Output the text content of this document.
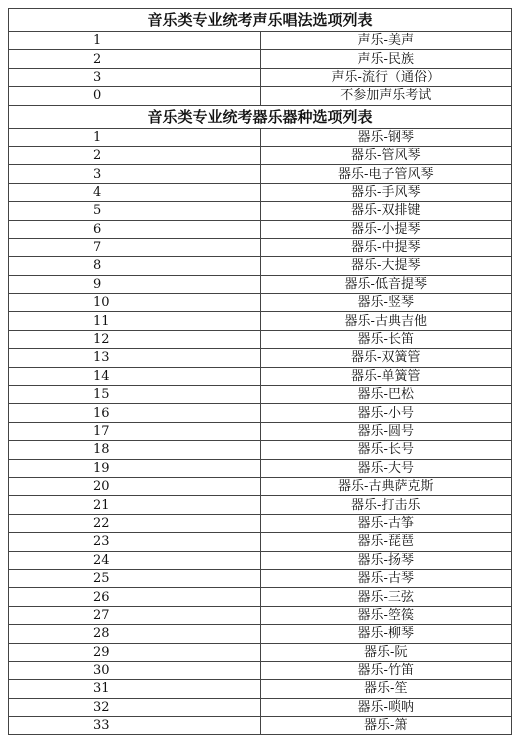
音乐类专业统考声乐唱法选项列表	
1	声乐-美声
2	声乐-民族
3	声乐-流行（通俗）
0	不参加声乐考试
音乐类专业统考器乐器种选项列表	
1	器乐-钢琴
2	器乐-管风琴
3	器乐-电子管风琴
4	器乐-手风琴
5	器乐-双排键
6	器乐-小提琴
7	器乐-中提琴
8	器乐-大提琴
9	器乐-低音提琴
10	器乐-竖琴
11	器乐-古典吉他
12	器乐-长笛
13	器乐-双簧管
14	器乐-单簧管
15	器乐-巴松
16	器乐-小号
17	器乐-圆号
18	器乐-长号
19	器乐-大号
20	器乐-古典萨克斯
21	器乐-打击乐
22	器乐-古筝
23	器乐-琵琶
24	器乐-扬琴
25	器乐-古琴
26	器乐-三弦
27	器乐-箜篌
28	器乐-柳琴
29	器乐-阮
30	器乐-竹笛
31	器乐-笙
32	器乐-唢呐
33	器乐-箫
